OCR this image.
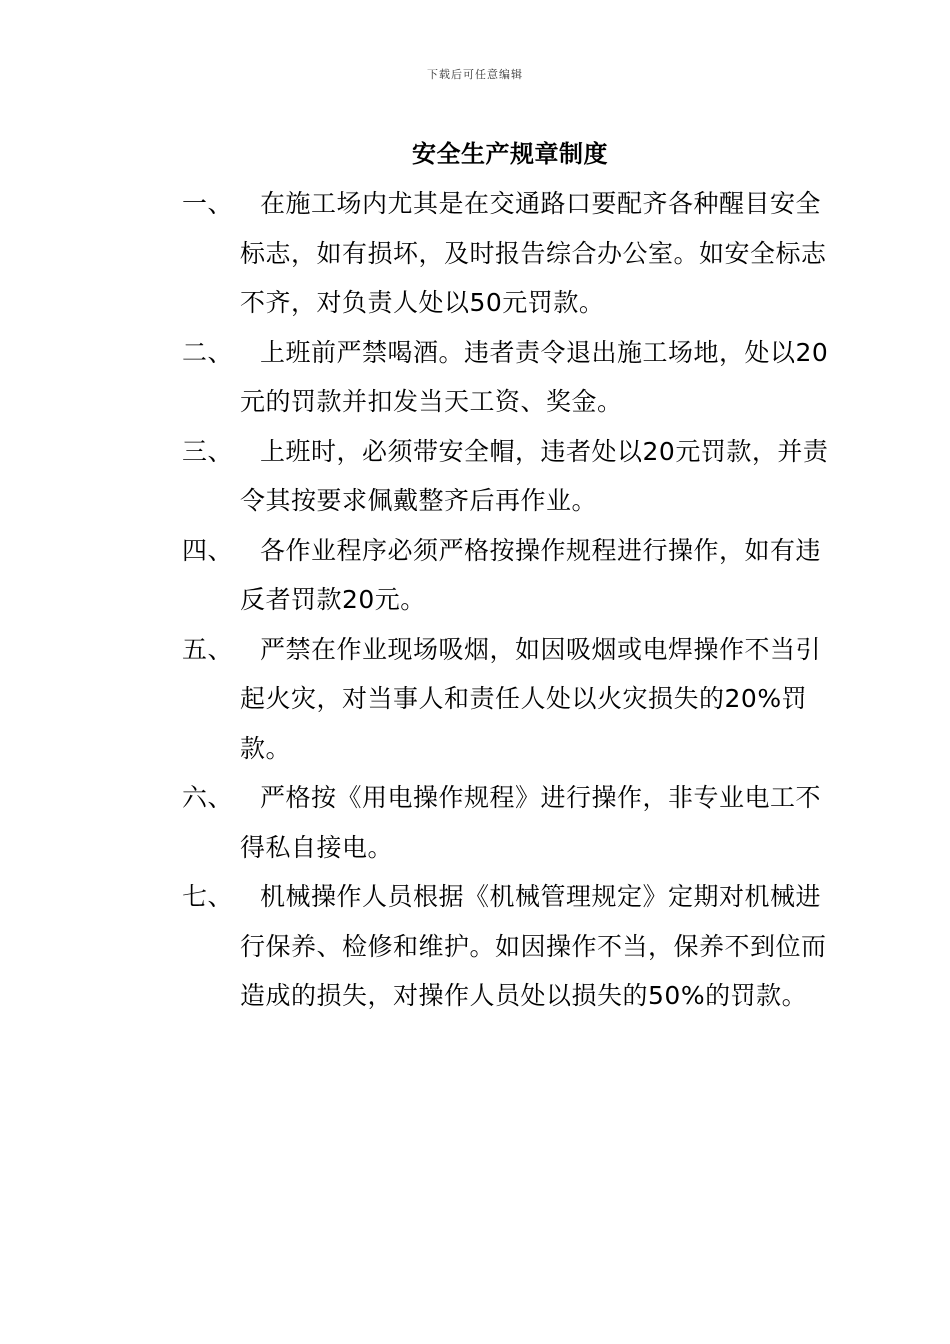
下载后可任意编辑
安全生产规章制度
一、	在施工场内尤其是在交通路口要配齐各种醒目安全标志，如有损坏，及时报告综合办公室。如安全标志不齐，对负责人处以50元罚款。
二、	上班前严禁喝酒。违者责令退出施工场地，处以20元的罚款并扣发当天工资、奖金。
三、	上班时，必须带安全帽，违者处以20元罚款，并责令其按要求佩戴整齐后再作业。
四、	各作业程序必须严格按操作规程进行操作，如有违反者罚款20元。
五、	严禁在作业现场吸烟，如因吸烟或电焊操作不当引起火灾，对当事人和责任人处以火灾损失的20%罚款。
六、	严格按《用电操作规程》进行操作，非专业电工不得私自接电。
七、	机械操作人员根据《机械管理规定》定期对机械进行保养、检修和维护。如因操作不当，保养不到位而造成的损失，对操作人员处以损失的50%的罚款。
